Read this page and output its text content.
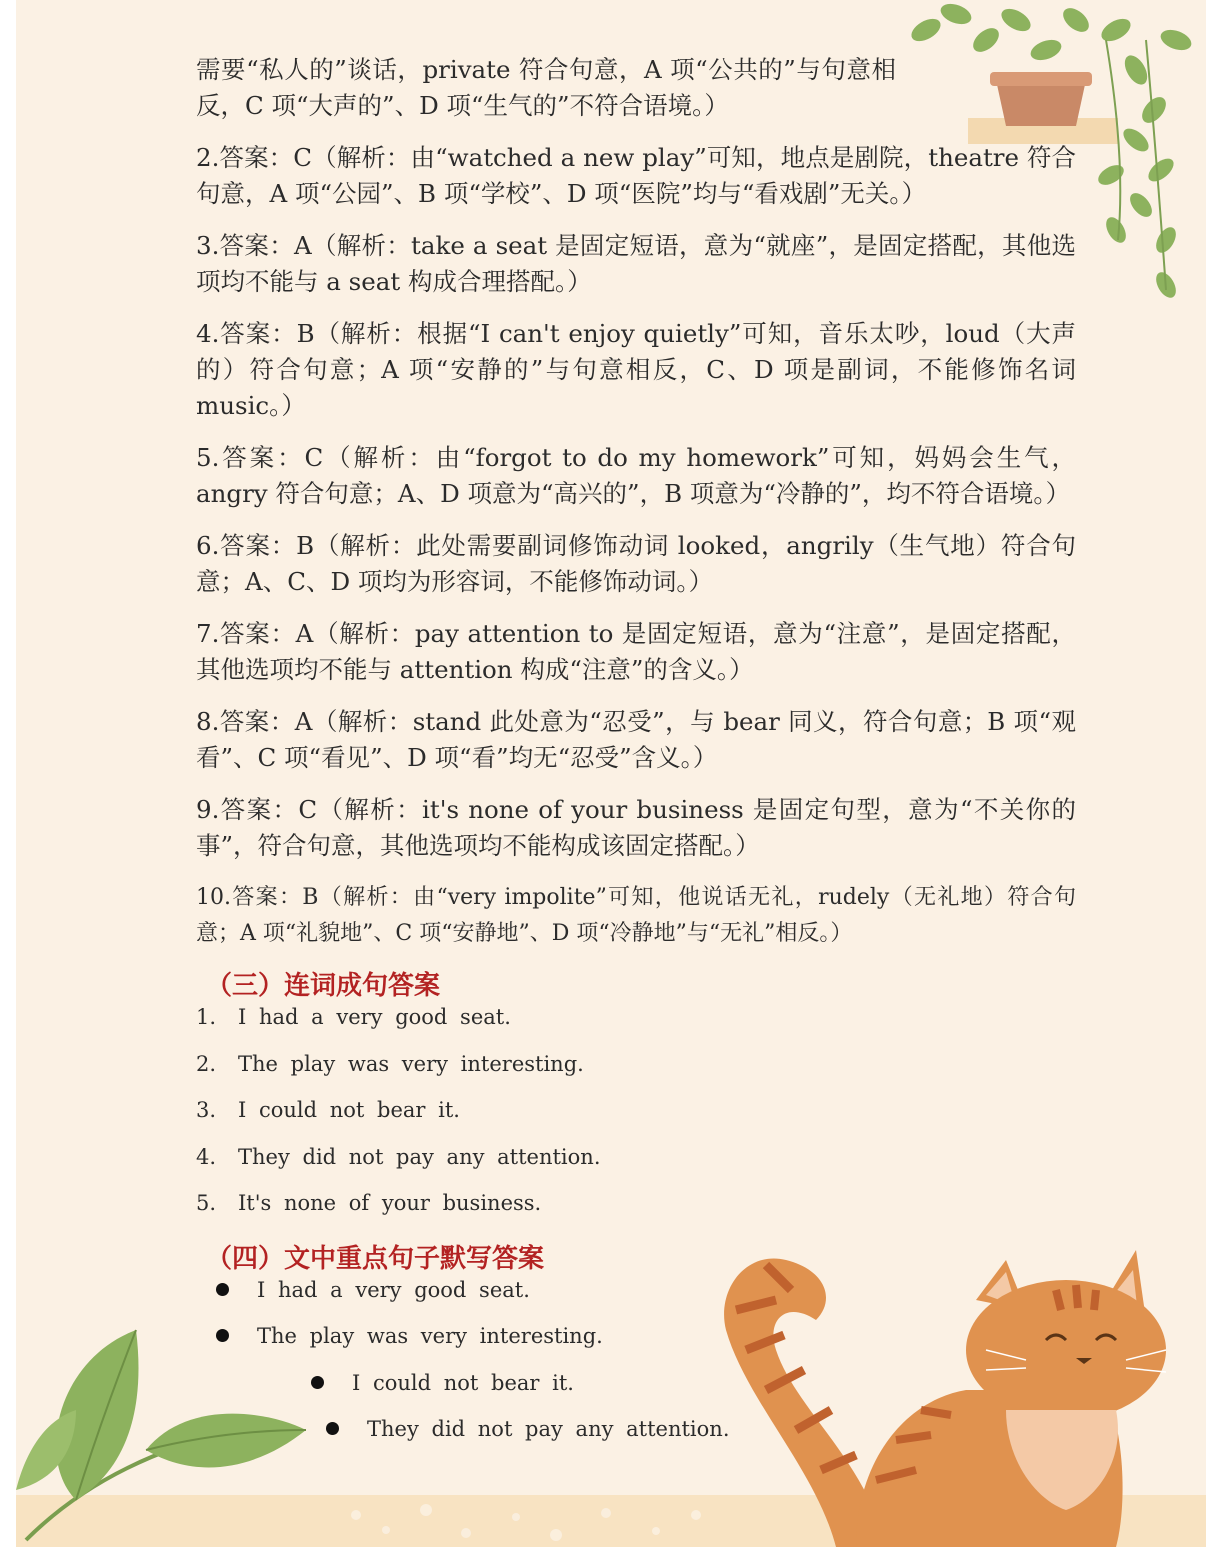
需要“私人的”谈话，private 符合句意，A 项“公共的”与句意相反，C 项“大声的”、D 项“生气的”不符合语境。）

2.答案：C（解析：由“watched a new play”可知，地点是剧院，theatre 符合句意，A 项“公园”、B 项“学校”、D 项“医院”均与“看戏剧”无关。）

3.答案：A（解析：take a seat 是固定短语，意为“就座”，是固定搭配，其他选项均不能与 a seat 构成合理搭配。）

4.答案：B（解析：根据“I can't enjoy quietly”可知，音乐太吵，loud（大声的）符合句意；A 项“安静的”与句意相反，C、D 项是副词，不能修饰名词 music。）

5.答案：C（解析：由“forgot to do my homework”可知，妈妈会生气，angry 符合句意；A、D 项意为“高兴的”，B 项意为“冷静的”，均不符合语境。）

6.答案：B（解析：此处需要副词修饰动词 looked，angrily（生气地）符合句意；A、C、D 项均为形容词，不能修饰动词。）

7.答案：A（解析：pay attention to 是固定短语，意为“注意”，是固定搭配，其他选项均不能与 attention 构成“注意”的含义。）

8.答案：A（解析：stand 此处意为“忍受”，与 bear 同义，符合句意；B 项“观看”、C 项“看见”、D 项“看”均无“忍受”含义。）

9.答案：C（解析：it's none of your business 是固定句型，意为“不关你的事”，符合句意，其他选项均不能构成该固定搭配。）

10.答案：B（解析：由“very impolite”可知，他说话无礼，rudely（无礼地）符合句意；A 项“礼貌地”、C 项“安静地”、D 项“冷静地”与“无礼”相反。）

（三）连词成句答案
1.	I had a very good seat.
2.	The play was very interesting.
3.	I could not bear it.
4.	They did not pay any attention.
5.	It's none of your business.
（四）文中重点句子默写答案
I had a very good seat.
The play was very interesting.
I could not bear it.
They did not pay any attention.
